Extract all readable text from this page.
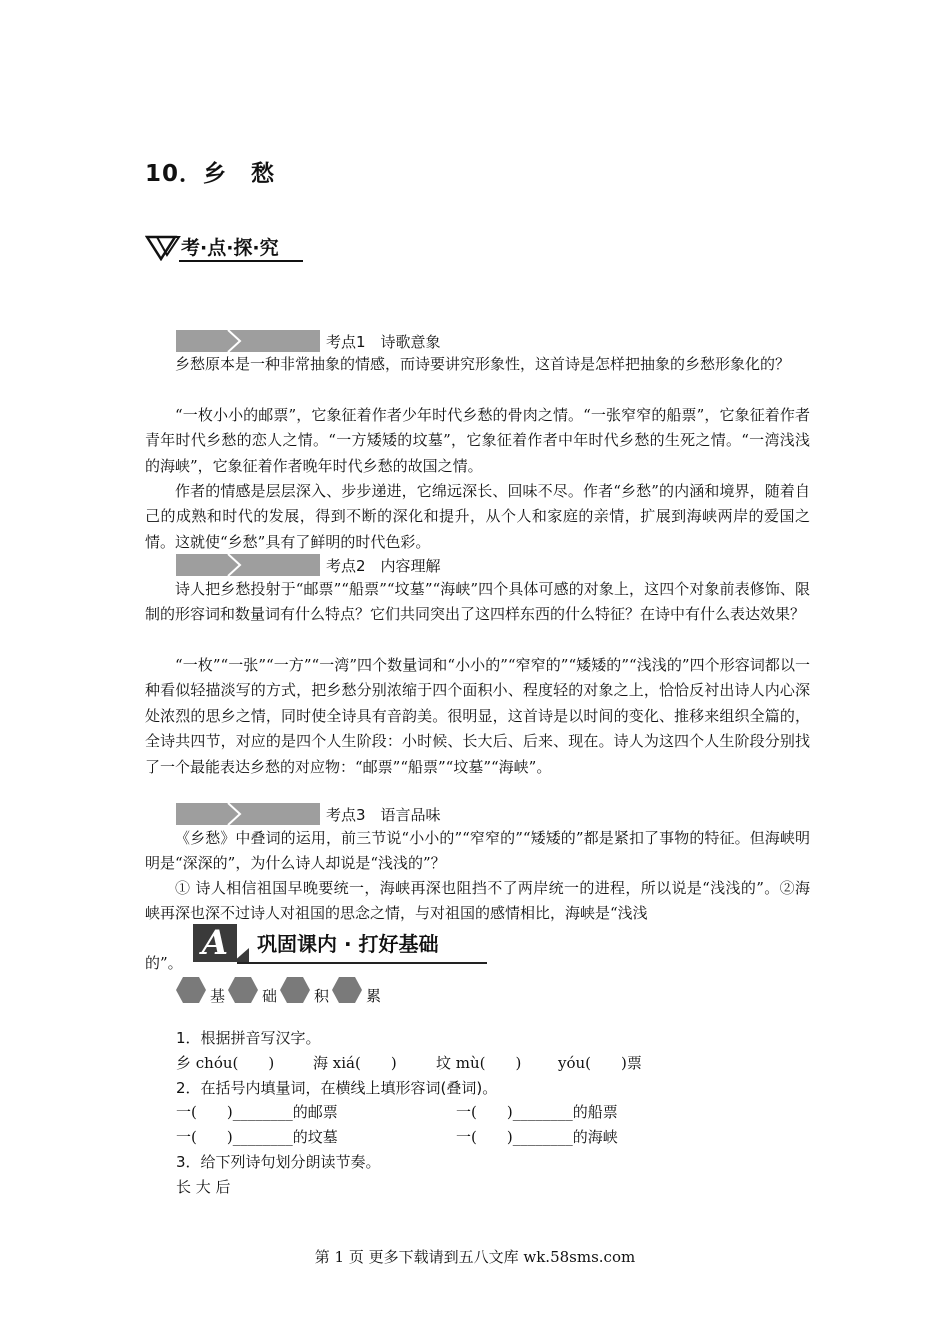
10．乡　愁
考·点·探·究
考点1　诗歌意象
乡愁原本是一种非常抽象的情感，而诗要讲究形象性，这首诗是怎样把抽象的乡愁形象化的？
“一枚小小的邮票”，它象征着作者少年时代乡愁的骨肉之情。“一张窄窄的船票”，它象征着作者青年时代乡愁的恋人之情。“一方矮矮的坟墓”，它象征着作者中年时代乡愁的生死之情。“一湾浅浅的海峡”，它象征着作者晚年时代乡愁的故国之情。
作者的情感是层层深入、步步递进，它绵远深长、回味不尽。作者“乡愁”的内涵和境界，随着自己的成熟和时代的发展，得到不断的深化和提升，从个人和家庭的亲情，扩展到海峡两岸的爱国之情。这就使“乡愁”具有了鲜明的时代色彩。
考点2　内容理解
诗人把乡愁投射于“邮票”“船票”“坟墓”“海峡”四个具体可感的对象上，这四个对象前表修饰、限制的形容词和数量词有什么特点？它们共同突出了这四样东西的什么特征？在诗中有什么表达效果？
“一枚”“一张”“一方”“一湾”四个数量词和“小小的”“窄窄的”“矮矮的”“浅浅的”四个形容词都以一种看似轻描淡写的方式，把乡愁分别浓缩于四个面积小、程度轻的对象之上，恰恰反衬出诗人内心深处浓烈的思乡之情，同时使全诗具有音韵美。很明显，这首诗是以时间的变化、推移来组织全篇的，全诗共四节，对应的是四个人生阶段：小时候、长大后、后来、现在。诗人为这四个人生阶段分别找了一个最能表达乡愁的对应物：“邮票”“船票”“坟墓”“海峡”。
考点3　语言品味
《乡愁》中叠词的运用，前三节说“小小的”“窄窄的”“矮矮的”都是紧扣了事物的特征。但海峡明明是“深深的”，为什么诗人却说是“浅浅的”？
① 诗人相信祖国早晚要统一，海峡再深也阻挡不了两岸统一的进程，所以说是“浅浅的”。②海峡再深也深不过诗人对祖国的思念之情，与对祖国的感情相比，海峡是“浅浅
的”。 A	巩固课内 · 打好基础
基 础 积 累
1．根据拼音写汉字。
乡 chóu(　　)	海 xiá(　　)	坟 mù(　　) yóu(　　)票
2．在括号内填量词，在横线上填形容词(叠词)。
一(　　)________的邮票	一(　　)________的船票
一(　　)________的坟墓	一(　　)________的海峡
3．给下列诗句划分朗读节奏。
长 大 后
第 1 页 更多下载请到五八文库 wk.58sms.com
